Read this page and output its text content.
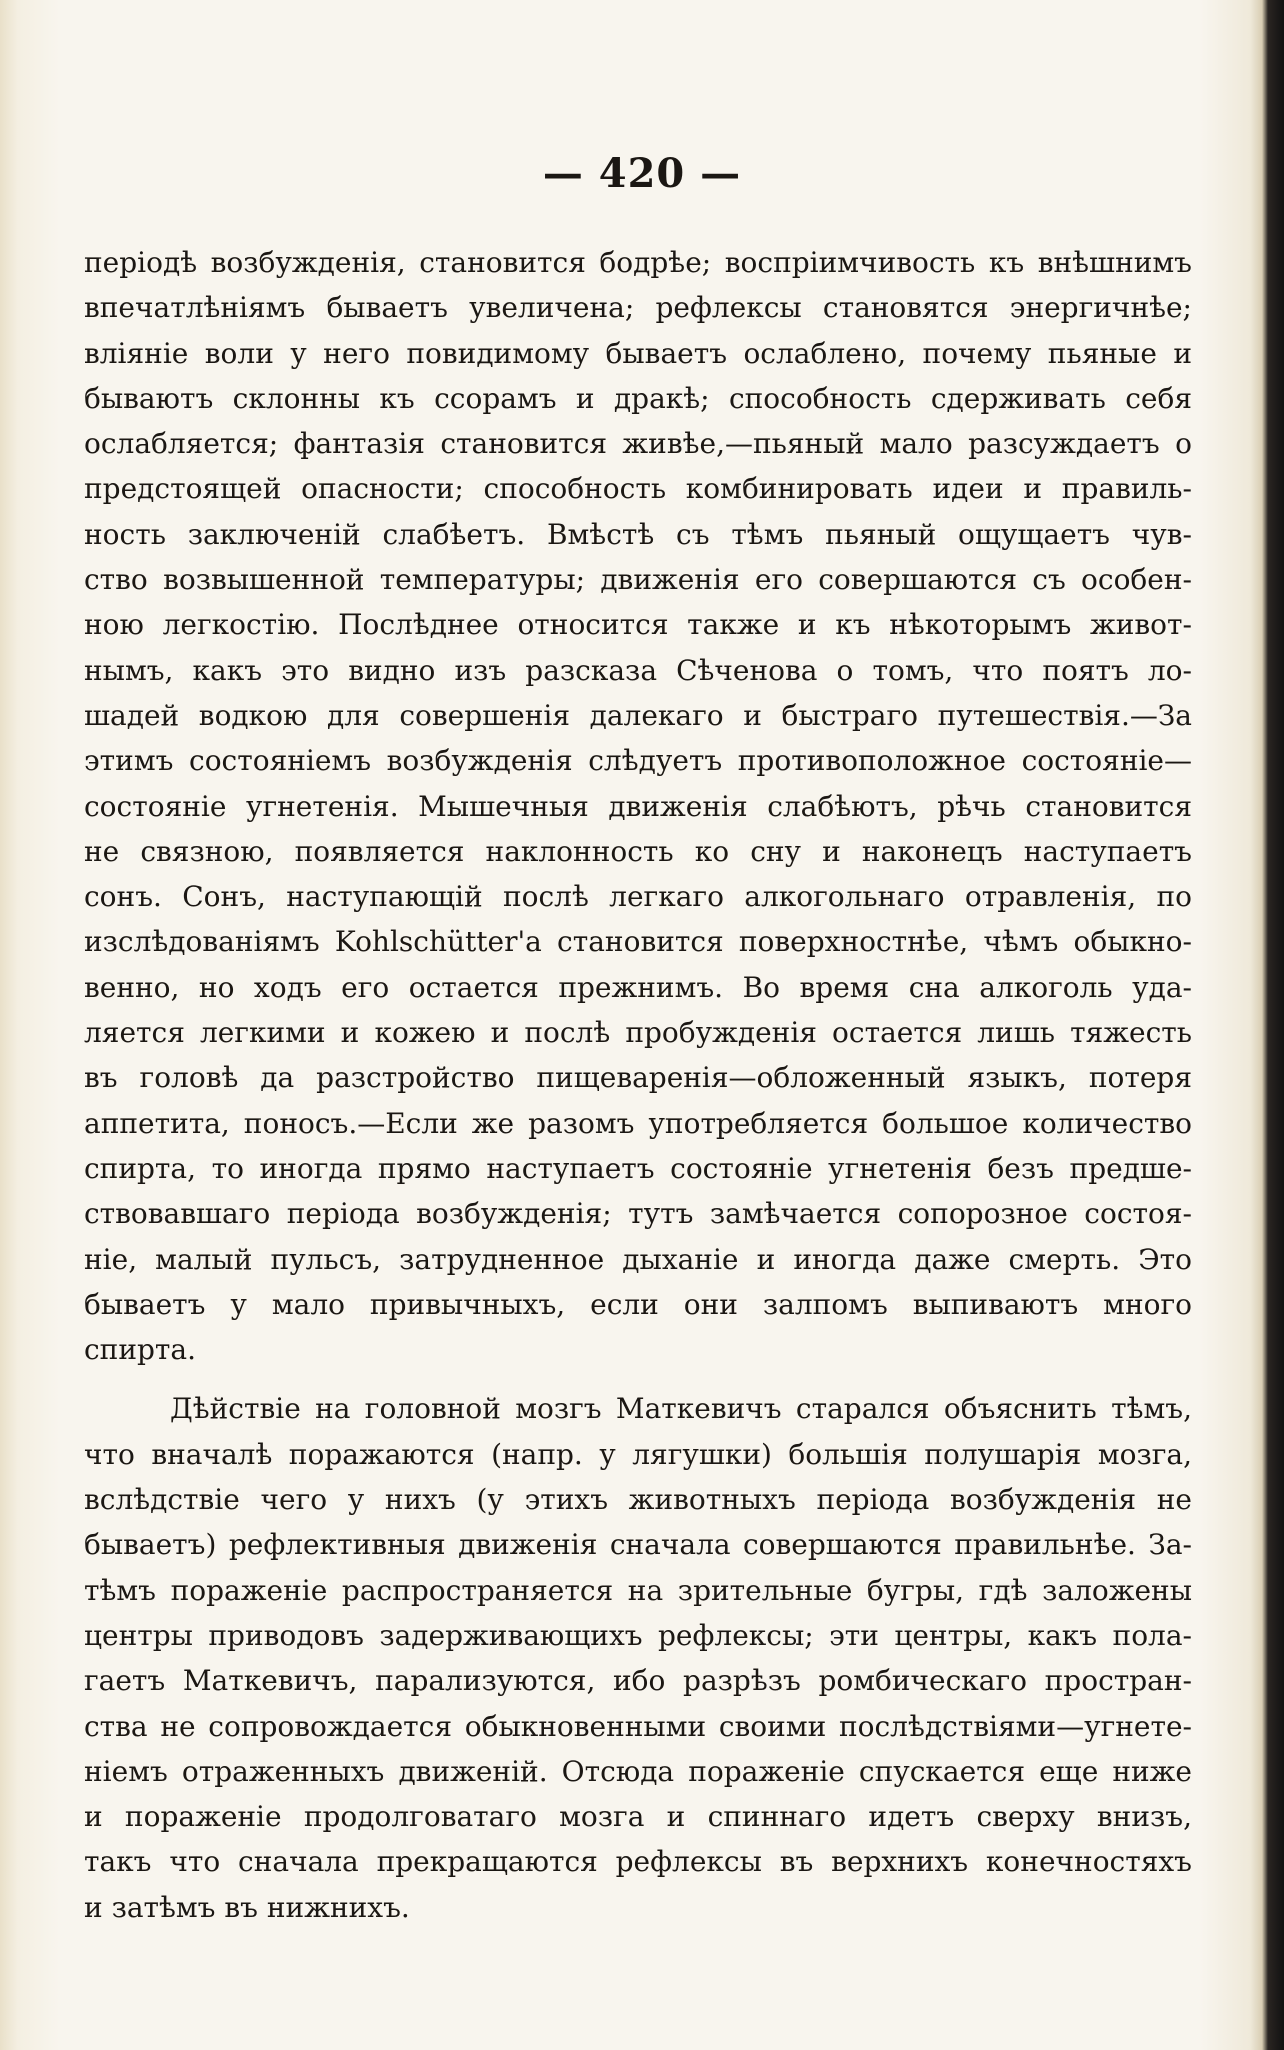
— 420 —
періодѣ возбужденія, становится бодрѣе; воспріимчивость къ внѣшнимъ
впечатлѣніямъ бываетъ увеличена; рефлексы становятся энергичнѣе;
вліяніе воли у него повидимому бываетъ ослаблено, почему пьяные и
бываютъ склонны къ ссорамъ и дракѣ; способность сдерживать себя
ослабляется; фантазія становится живѣе,—пьяный мало разсуждаетъ о
предстоящей опасности; способность комбинировать идеи и правиль-
ность заключеній слабѣетъ. Вмѣстѣ съ тѣмъ пьяный ощущаетъ чув-
ство возвышенной температуры; движенія его совершаются съ особен-
ною легкостію. Послѣднее относится также и къ нѣкоторымъ живот-
нымъ, какъ это видно изъ разсказа Сѣченова о томъ, что поятъ ло-
шадей водкою для совершенія далекаго и быстраго путешествія.—За
этимъ состояніемъ возбужденія слѣдуетъ противоположное состояніе—
состояніе угнетенія. Мышечныя движенія слабѣютъ, рѣчь становится
не связною, появляется наклонность ко сну и наконецъ наступаетъ
сонъ. Сонъ, наступающій послѣ легкаго алкогольнаго отравленія, по
изслѣдованіямъ Kohlschütter'а становится поверхностнѣе, чѣмъ обыкно-
венно, но ходъ его остается прежнимъ. Во время сна алкоголь уда-
ляется легкими и кожею и послѣ пробужденія остается лишь тяжесть
въ головѣ да разстройство пищеваренія—обложенный языкъ, потеря
аппетита, поносъ.—Если же разомъ употребляется большое количество
спирта, то иногда прямо наступаетъ состояніе угнетенія безъ предше-
ствовавшаго періода возбужденія; тутъ замѣчается сопорозное состоя-
ніе, малый пульсъ, затрудненное дыханіе и иногда даже смерть. Это
бываетъ у мало привычныхъ, если они залпомъ выпиваютъ много
спирта.
Дѣйствіе на головной мозгъ Маткевичъ старался объяснить тѣмъ,
что вначалѣ поражаются (напр. у лягушки) большія полушарія мозга,
вслѣдствіе чего у нихъ (у этихъ животныхъ періода возбужденія не
бываетъ) рефлективныя движенія сначала совершаются правильнѣе. За-
тѣмъ пораженіе распространяется на зрительные бугры, гдѣ заложены
центры приводовъ задерживающихъ рефлексы; эти центры, какъ пола-
гаетъ Маткевичъ, парализуются, ибо разрѣзъ ромбическаго простран-
ства не сопровождается обыкновенными своими послѣдствіями—угнете-
ніемъ отраженныхъ движеній. Отсюда пораженіе спускается еще ниже
и пораженіе продолговатаго мозга и спиннаго идетъ сверху внизъ,
такъ что сначала прекращаются рефлексы въ верхнихъ конечностяхъ
и затѣмъ въ нижнихъ.
